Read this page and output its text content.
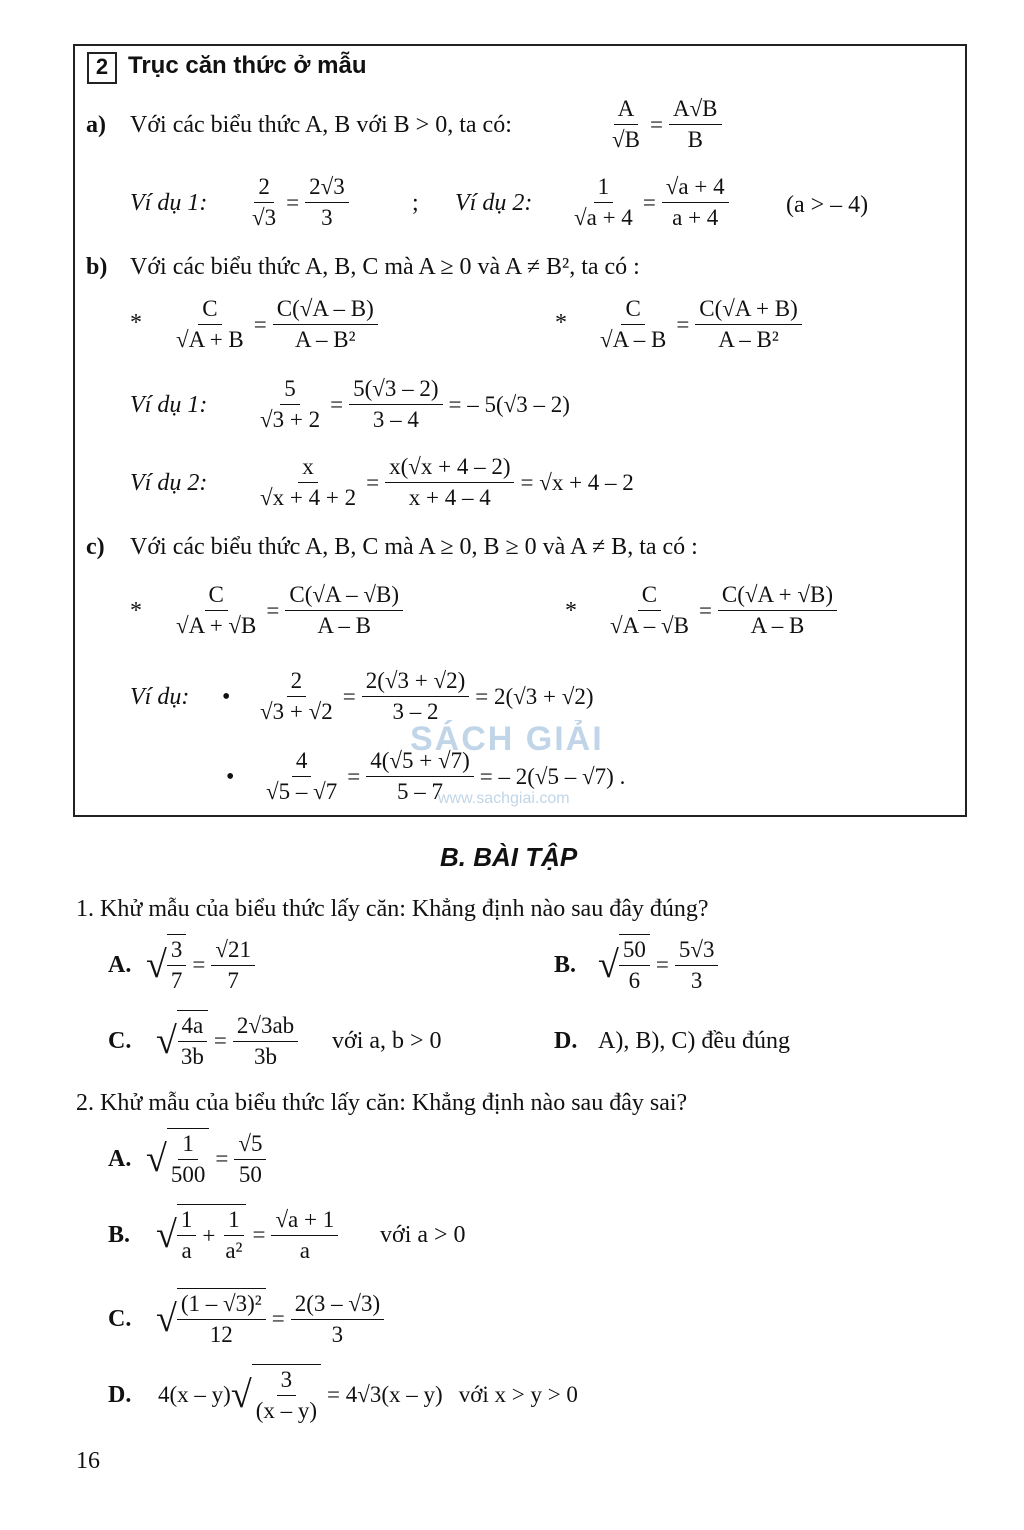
2 Trục căn thức ở mẫu
a) Với các biểu thức A, B với B > 0, ta có:	$\frac{A}{√B} = \frac{A√B}{B}$
Ví dụ 1: $\frac{2}{√3} = \frac{2√3}{3}$	; Ví dụ 2: $\frac{1}{√a + 4} = \frac{√a + 4}{a + 4} (a$ > – 4)
b) Với các biểu thức A, B, C mà A ≥ 0 và A ≠ B², ta có :
* $\frac{C}{√A + B} = \frac{C(√A - B)}{\text{A – B²}}$	* $\frac{C}{√A - B} = \frac{C(√A + B)}{\text{A – B²}}$
Ví dụ 1: $\frac{5}{√3 + 2} = \frac{5(√3 - 2)}{3 - 4}$ = – 5(√3 – 2)
Ví dụ 2: $\frac{x}{√x + 4 + 2} = \frac{x(√x + 4 - 2)}{x + 4 - 4} = √x + 4 - 2$
c) Với các biểu thức A, B, C mà A ≥ 0, B ≥ 0 và A ≠ B, ta có :
* $\frac{C}{√A + √B} = \frac{C(√A - √B)}{A - B}$	* $\frac{C}{√A - √B} = \frac{C(√A + √B)}{A - B}$
Ví dụ: • $\frac{2}{√3 + √2} = \frac{2(√3 + √2)}{3 - 2} = 2(√3 + √2)$
• $\frac{4}{√5 - √7} = \frac{4(√5 + √7)}{5 - 7}$ = – 2(√5 – √7) .
SÁCH GIẢI
www.sachgiai.com
B. BÀI TẬP
1. Khử mẫu của biểu thức lấy căn: Khẳng định nào sau đây đúng?
A. √ $\frac{3}{7} = \frac{√21}{7}$	B. √ $\frac{50}{6} = \frac{5√3}{3}$
C. √ $\frac{4a}{3b} = \frac{2√3ab}{3b}$ với a, b > 0	D. A), B), C) đều đúng
2. Khử mẫu của biểu thức lấy căn: Khẳng định nào sau đây sai?
A. √ $\frac{1}{500} = \frac{√5}{50}$
B. √ $\frac{1}{a} + \frac{1}{\text{a²}} = \frac{√a + 1}{a}$ với a > 0
C. √ $\frac{\text{(1 – √3)²}}{12} = \frac{2(3 - √3)}{3}$
D. 4(x – y) √ $\frac{3}{(x - y)} = 4√3(x - y)$ với x > y > 0
16
